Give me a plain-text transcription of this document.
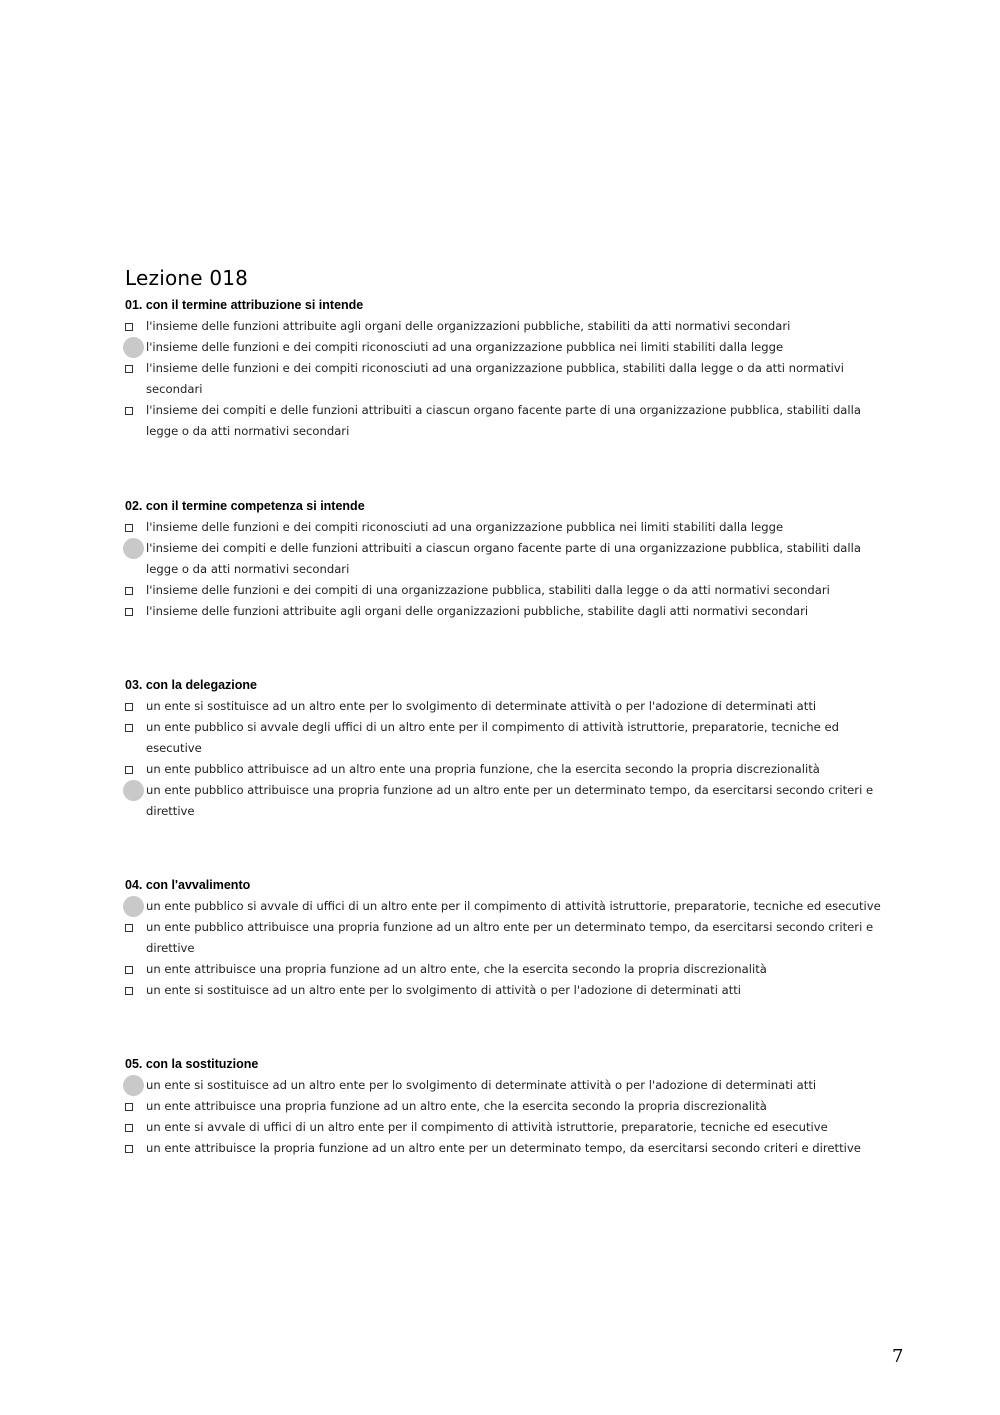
Lezione 018
01. con il termine attribuzione si intende
l'insieme delle funzioni attribuite agli organi delle organizzazioni pubbliche, stabiliti da atti normativi secondari
l'insieme delle funzioni e dei compiti riconosciuti ad una organizzazione pubblica nei limiti stabiliti dalla legge
l'insieme delle funzioni e dei compiti riconosciuti ad una organizzazione pubblica, stabiliti dalla legge o da atti normativi secondari
l'insieme dei compiti e delle funzioni attribuiti a ciascun organo facente parte di una organizzazione pubblica, stabiliti dalla legge o da atti normativi secondari
02. con il termine competenza si intende
l'insieme delle funzioni e dei compiti riconosciuti ad una organizzazione pubblica nei limiti stabiliti dalla legge
l'insieme dei compiti e delle funzioni attribuiti a ciascun organo facente parte di una organizzazione pubblica, stabiliti dalla legge o da atti normativi secondari
l'insieme delle funzioni e dei compiti di una organizzazione pubblica, stabiliti dalla legge o da atti normativi secondari
l'insieme delle funzioni attribuite agli organi delle organizzazioni pubbliche, stabilite dagli atti normativi secondari
03. con la delegazione
un ente si sostituisce ad un altro ente per lo svolgimento di determinate attività o per l'adozione di determinati atti
un ente pubblico si avvale degli uffici di un altro ente per il compimento di attività istruttorie, preparatorie, tecniche ed esecutive
un ente pubblico attribuisce ad un altro ente una propria funzione, che la esercita secondo la propria discrezionalità
un ente pubblico attribuisce una propria funzione ad un altro ente per un determinato tempo, da esercitarsi secondo criteri e direttive
04. con l'avvalimento
un ente pubblico si avvale di uffici di un altro ente per il compimento di attività istruttorie, preparatorie, tecniche ed esecutive
un ente pubblico attribuisce una propria funzione ad un altro ente per un determinato tempo, da esercitarsi secondo criteri e direttive
un ente attribuisce una propria funzione ad un altro ente, che la esercita secondo la propria discrezionalità
un ente si sostituisce ad un altro ente per lo svolgimento di attività o per l'adozione di determinati atti
05. con la sostituzione
un ente si sostituisce ad un altro ente per lo svolgimento di determinate attività o per l'adozione di determinati atti
un ente attribuisce una propria funzione ad un altro ente, che la esercita secondo la propria discrezionalità
un ente si avvale di uffici di un altro ente per il compimento di attività istruttorie, preparatorie, tecniche ed esecutive
un ente attribuisce la propria funzione ad un altro ente per un determinato tempo, da esercitarsi secondo criteri e direttive
7
